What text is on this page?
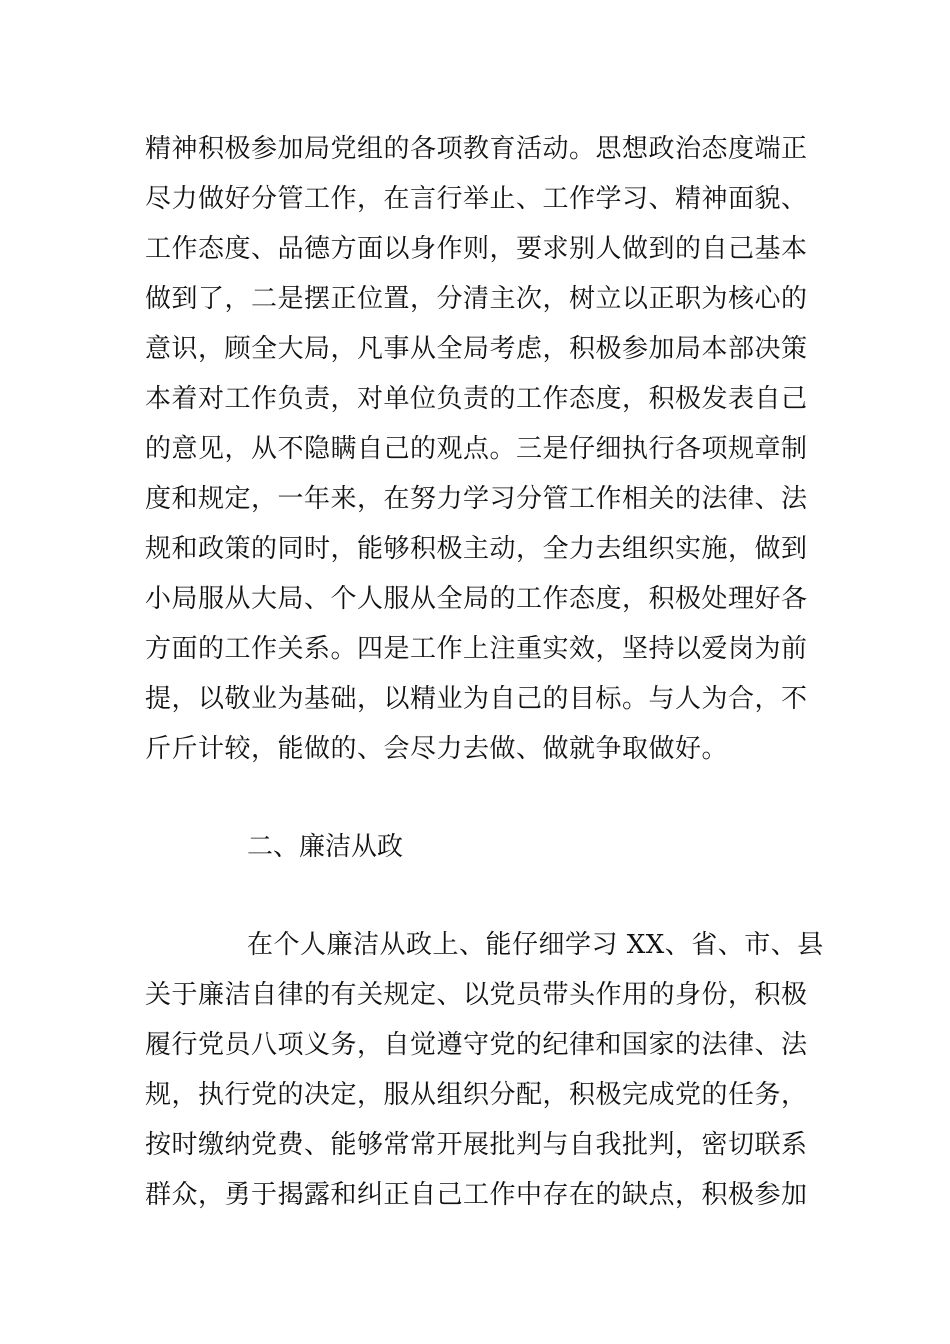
精神积极参加局党组的各项教育活动。思想政治态度端正
尽力做好分管工作，在言行举止、工作学习、精神面貌、
工作态度、品德方面以身作则，要求别人做到的自己基本
做到了，二是摆正位置，分清主次，树立以正职为核心的
意识，顾全大局，凡事从全局考虑，积极参加局本部决策
本着对工作负责，对单位负责的工作态度，积极发表自己
的意见，从不隐瞒自己的观点。三是仔细执行各项规章制
度和规定，一年来，在努力学习分管工作相关的法律、法
规和政策的同时，能够积极主动，全力去组织实施，做到
小局服从大局、个人服从全局的工作态度，积极处理好各
方面的工作关系。四是工作上注重实效，坚持以爱岗为前
提，以敬业为基础，以精业为自己的目标。与人为合，不
斤斤计较，能做的、会尽力去做、做就争取做好。
二、廉洁从政
在个人廉洁从政上、能仔细学习 XX、省、市、县
关于廉洁自律的有关规定、以党员带头作用的身份，积极
履行党员八项义务，自觉遵守党的纪律和国家的法律、法
规，执行党的决定，服从组织分配，积极完成党的任务，
按时缴纳党费、能够常常开展批判与自我批判，密切联系
群众，勇于揭露和纠正自己工作中存在的缺点，积极参加
